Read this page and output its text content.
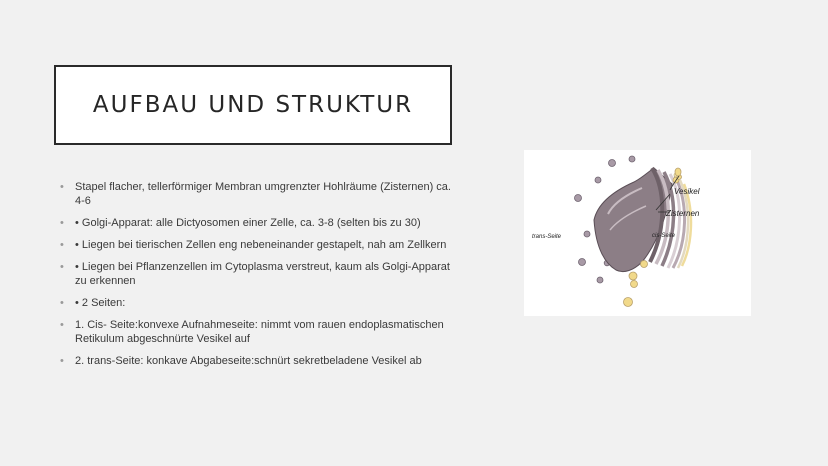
AUFBAU UND STRUKTUR
• Stapel flacher, tellerförmiger Membran umgrenzter Hohlräume (Zisternen) ca. 4-6
• • Golgi-Apparat: alle Dictyosomen einer Zelle, ca. 3-8 (selten bis zu 30)
• • Liegen bei tierischen Zellen eng nebeneinander gestapelt, nah am Zellkern
• • Liegen bei Pflanzenzellen im Cytoplasma verstreut, kaum als Golgi-Apparat zu erkennen
• • 2 Seiten:
• 1. Cis- Seite:konvexe Aufnahmeseite: nimmt vom rauen endoplasmatischen Retikulum abgeschnürte Vesikel auf
• 2. trans-Seite: konkave Abgabeseite:schnürt sekretbeladene Vesikel ab
Vesikel
Zisternen
trans-Seite	cis-Seite
